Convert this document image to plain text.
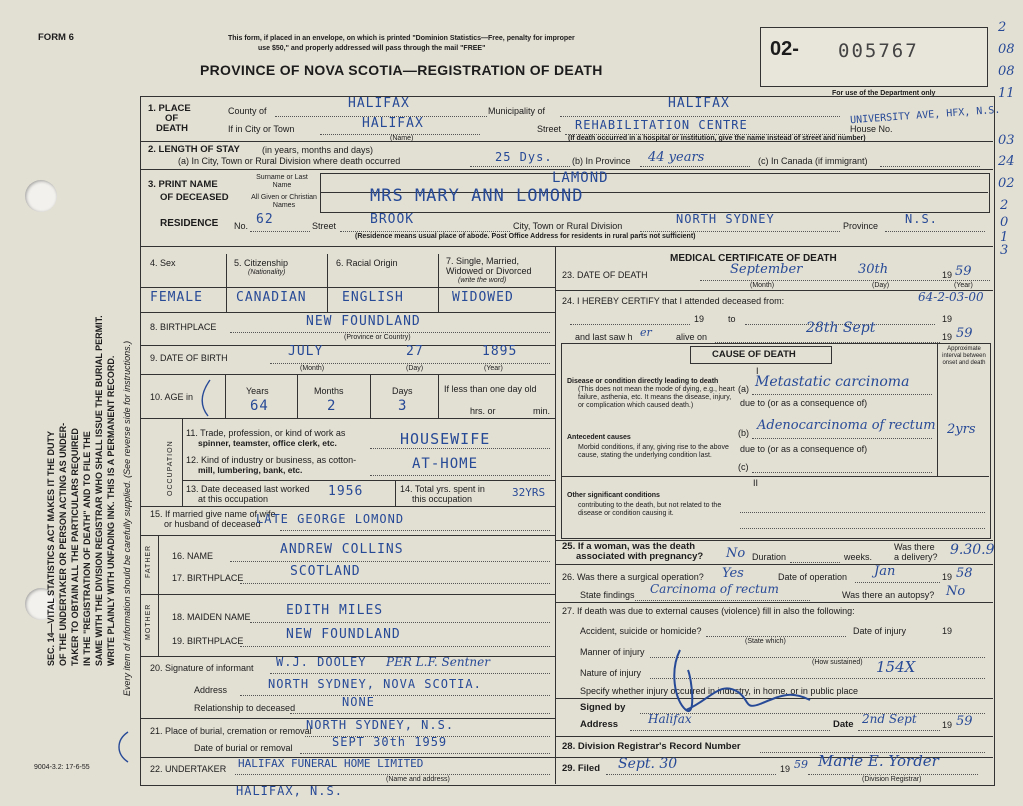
SEC. 14—VITAL STATISTICS ACT MAKES IT THE DUTY OF THE UNDERTAKER OR PERSON ACTING AS UNDER- TAKER TO OBTAIN ALL THE PARTICULARS REQUIRED IN THE "REGISTRATION OF DEATH" AND TO FILE THE SAME WITH THE DIVISION REGISTRAR WHO SHALL ISSUE THE BURIAL PERMIT. WRITE PLAINLY WITH UNFADING INK. THIS IS A PERMANENT RECORD. Every item of information should be carefully supplied. (See reverse side for instructions.)
FORM 6	This form, if placed in an envelope, on which is printed "Dominion Statistics—Free, penalty for improper
use $50," and properly addressed will pass through the mail "FREE"
PROVINCE OF NOVA SCOTIA—REGISTRATION OF DEATH
02- 005767
For use of the Department only
2
08
08
11
03
24
02
2
0
1
3
1. PLACE
OF
DEATH
County of	HALIFAX	Municipality of	HALIFAX
If in City or Town	HALIFAX
(Name)
Street REHABILITATION CENTRE	House No.
UNIVERSITY AVE, HFX, N.S.
(If death occurred in a hospital or institution, give the name instead of street and number)
2. LENGTH OF STAY (in years, months and days)
(a) In City, Town or Rural Division where death occurred	25 Dys. (b) In Province 44 years	(c) In Canada (if immigrant)
3. PRINT NAME
OF DECEASED
Surname or Last Name
All Given or Christian Names	MRS MARY ANN LOMOND
LAMOND
RESIDENCE No. 62	Street	BROOK	City, Town or Rural Division	NORTH SYDNEY	Province N.S.
(Residence means usual place of abode. Post Office Address for residents in rural parts not sufficient)
4. Sex	5. Citizenship
(Nationality)
6. Racial Origin	7. Single, Married,
Widowed or Divorced
(write the word)
FEMALE	CANADIAN	ENGLISH	WIDOWED
8. BIRTHPLACE	NEW FOUNDLAND
(Province or Country)
9. DATE OF BIRTH	JULY	27	1895
(Month)	(Day)	(Year)
10. AGE in
Years	Months	Days
64	2	3
If less than one day old
hrs. or	min.
OCCUPATION
11. Trade, profession, or kind of work as
spinner, teamster, office clerk, etc.	HOUSEWIFE
12. Kind of industry or business, as cotton-
mill, lumbering, bank, etc.	AT-HOME
13. Date deceased last worked
at this occupation	1956	14. Total yrs. spent in
this occupation	32YRS
15. If married give name of wife
or husband of deceased
LATE GEORGE LOMOND
FATHER 16. NAME	ANDREW COLLINS
17. BIRTHPLACE	SCOTLAND
MOTHER 18. MAIDEN NAME	EDITH MILES
19. BIRTHPLACE	NEW FOUNDLAND
20. Signature of informant W.J. DOOLEY PER L.F. Sentner
Address	NORTH SYDNEY, NOVA SCOTIA.
Relationship to deceased	NONE
21. Place of burial, cremation or removal
NORTH SYDNEY, N.S.
Date of burial or removal	SEPT 30th 1959
22. UNDERTAKER HALIFAX FUNERAL HOME LIMITED
(Name and address)
HALIFAX, N.S.
9004-3.2: 17-6-55
MEDICAL CERTIFICATE OF DEATH
23. DATE OF DEATH	September	30th	19 59
(Month)	(Day)	(Year)
24. I HEREBY CERTIFY that I attended deceased from:	64-2-03-00
19	to	19
and last saw h er	alive on
28th Sept
19 59
CAUSE OF DEATH	Approximate interval between onset and death
I
Disease or condition directly leading to death
(This does not mean the mode of dying, e.g., heart failure, asthenia, etc. It means the disease, injury, or complication which caused death.)
(a) Metastatic carcinoma
due to (or as a consequence of)
Antecedent causes
Morbid conditions, if any, giving rise to the above cause, stating the underlying condition last.
(b) Adenocarcinoma of rectum 2yrs
due to (or as a consequence of)
(c)
II
Other significant conditions
contributing to the death, but not related to the disease or condition causing it.
25. If a woman, was the death
associated with pregnancy? No Duration	weeks.
Was there
a delivery? 9.30.9
26. Was there a surgical operation? Yes	Date of operation Jan	19 58
State findings Carcinoma of rectum	Was there an autopsy? No
27. If death was due to external causes (violence) fill in also the following:
Accident, suicide or homicide?
(State which)
Date of injury	19
Manner of injury
(How sustained)
Nature of injury	154X
Specify whether injury occurred in industry, in home, or in public place
Signed by
Address Halifax	Date 2nd Sept	19 59
28. Division Registrar's Record Number
29. Filed Sept. 30	19 59 Marie E. Yorder
(Division Registrar)
